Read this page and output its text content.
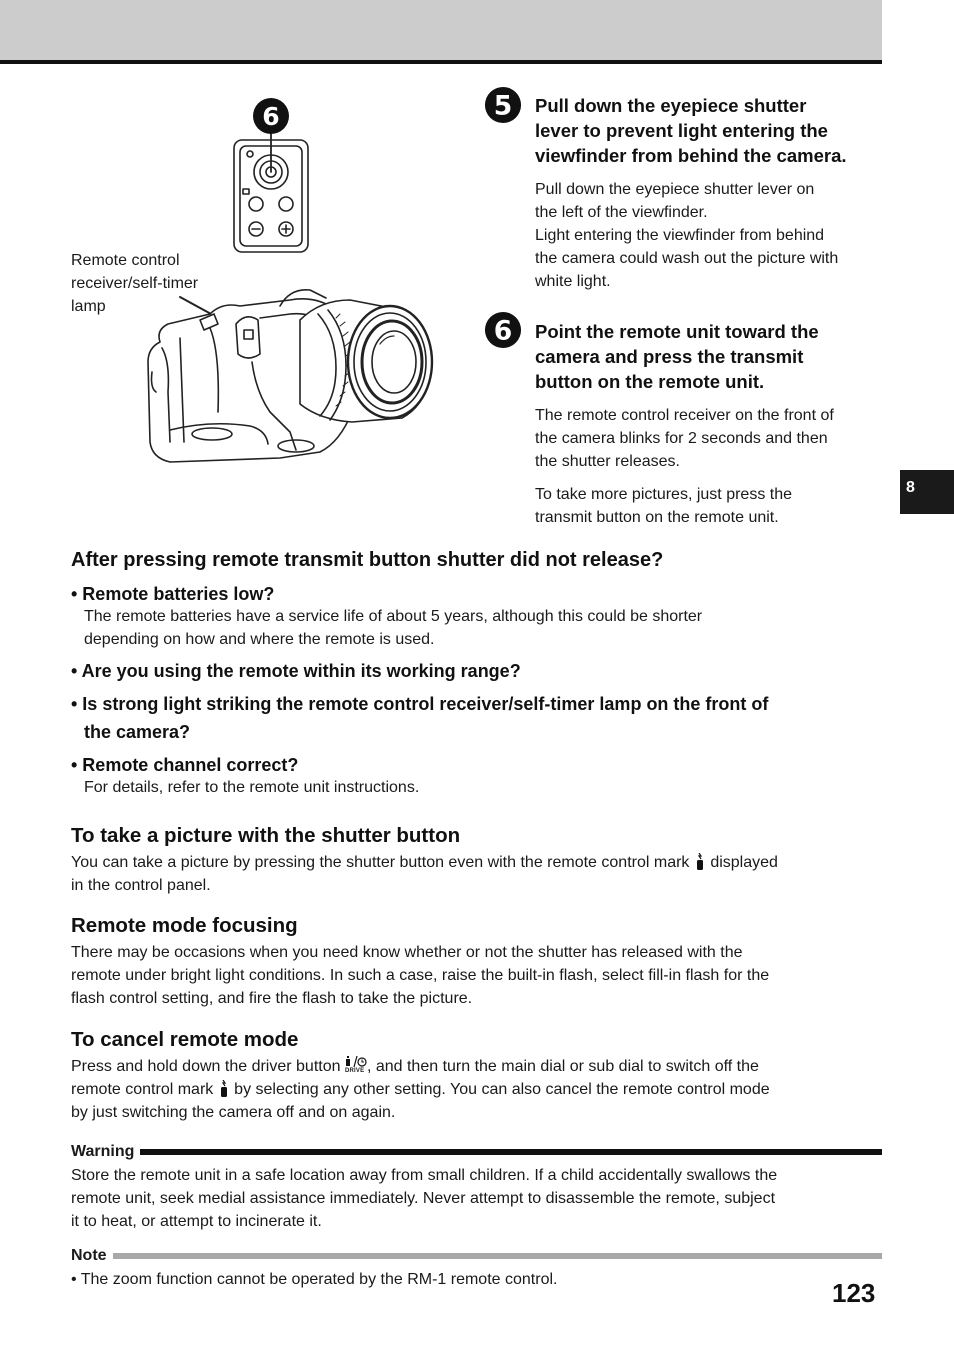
8
6
Remote control
receiver/self-timer
lamp
5 Pull down the eyepiece shutter
lever to prevent light entering the
viewfinder from behind the camera.

Pull down the eyepiece shutter lever on
the left of the viewfinder.
Light entering the viewfinder from behind
the camera could wash out the picture with
white light.

6 Point the remote unit toward the
camera and press the transmit
button on the remote unit.

The remote control receiver on the front of
the camera blinks for 2 seconds and then
the shutter releases.

To take more pictures, just press the
transmit button on the remote unit.

After pressing remote transmit button shutter did not release?
• Remote batteries low?
The remote batteries have a service life of about 5 years, although this could be shorter
depending on how and where the remote is used.
• Are you using the remote within its working range?
• Is strong light striking the remote control receiver/self-timer lamp on the front of
the camera?
• Remote channel correct?
For details, refer to the remote unit instructions.
To take a picture with the shutter button
You can take a picture by pressing the shutter button even with the remote control mark displayed
in the control panel.
Remote mode focusing
There may be occasions when you need know whether or not the shutter has released with the
remote under bright light conditions. In such a case, raise the built-in flash, select fill-in flash for the
flash control setting, and fire the flash to take the picture.
To cancel remote mode
Press and hold down the driver button DRIVE , and then turn the main dial or sub dial to switch off the
remote control mark by selecting any other setting. You can also cancel the remote control mode
by just switching the camera off and on again.
Warning
Store the remote unit in a safe location away from small children. If a child accidentally swallows the
remote unit, seek medial assistance immediately. Never attempt to disassemble the remote, subject
it to heat, or attempt to incinerate it.
Note
• The zoom function cannot be operated by the RM-1 remote control.	123
